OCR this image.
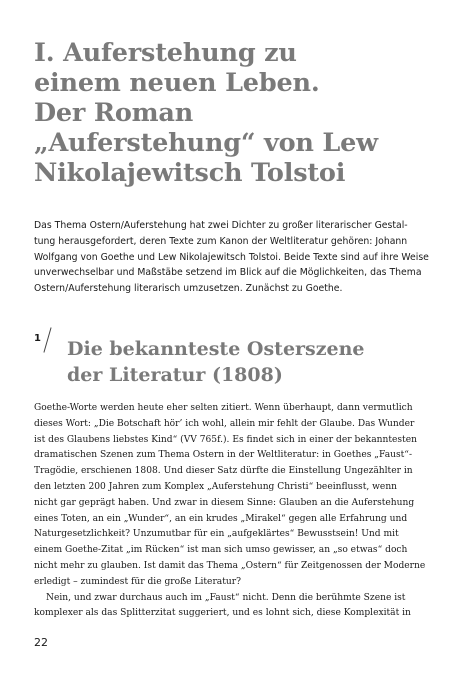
I. Auferstehung zu
einem neuen Leben.
Der Roman
„Auferstehung“ von Lew
Nikolajewitsch Tolstoi
Das Thema Ostern/Auferstehung hat zwei Dichter zu großer literarischer Gestal-
tung herausgefordert, deren Texte zum Kanon der Weltliteratur gehören: Johann
Wolfgang von Goethe und Lew Nikolajewitsch Tolstoi. Beide Texte sind auf ihre Weise
unverwechselbar und Maßstäbe setzend im Blick auf die Möglichkeiten, das Thema
Ostern/Auferstehung literarisch umzusetzen. Zunächst zu Goethe.
1 Die bekannteste Osterszene
der Literatur (1808)
Goethe-Worte werden heute eher selten zitiert. Wenn überhaupt, dann vermutlich
dieses Wort: „Die Botschaft hör’ ich wohl, allein mir fehlt der Glaube. Das Wunder
ist des Glaubens liebstes Kind“ (VV 765f.). Es findet sich in einer der bekanntesten
dramatischen Szenen zum Thema Ostern in der Weltliteratur: in Goethes „Faust“-
Tragödie, erschienen 1808. Und dieser Satz dürfte die Einstellung Ungezählter in
den letzten 200 Jahren zum Komplex „Auferstehung Christi“ beeinflusst, wenn
nicht gar geprägt haben. Und zwar in diesem Sinne: Glauben an die Auferstehung
eines Toten, an ein „Wunder“, an ein krudes „Mirakel“ gegen alle Erfahrung und
Naturgesetzlichkeit? Unzumutbar für ein „aufgeklärtes“ Bewusstsein! Und mit
einem Goethe-Zitat „im Rücken“ ist man sich umso gewisser, an „so etwas“ doch
nicht mehr zu glauben. Ist damit das Thema „Ostern“ für Zeitgenossen der Moderne
erledigt – zumindest für die große Literatur?
Nein, und zwar durchaus auch im „Faust“ nicht. Denn die berühmte Szene ist
komplexer als das Splitterzitat suggeriert, und es lohnt sich, diese Komplexität in
22
